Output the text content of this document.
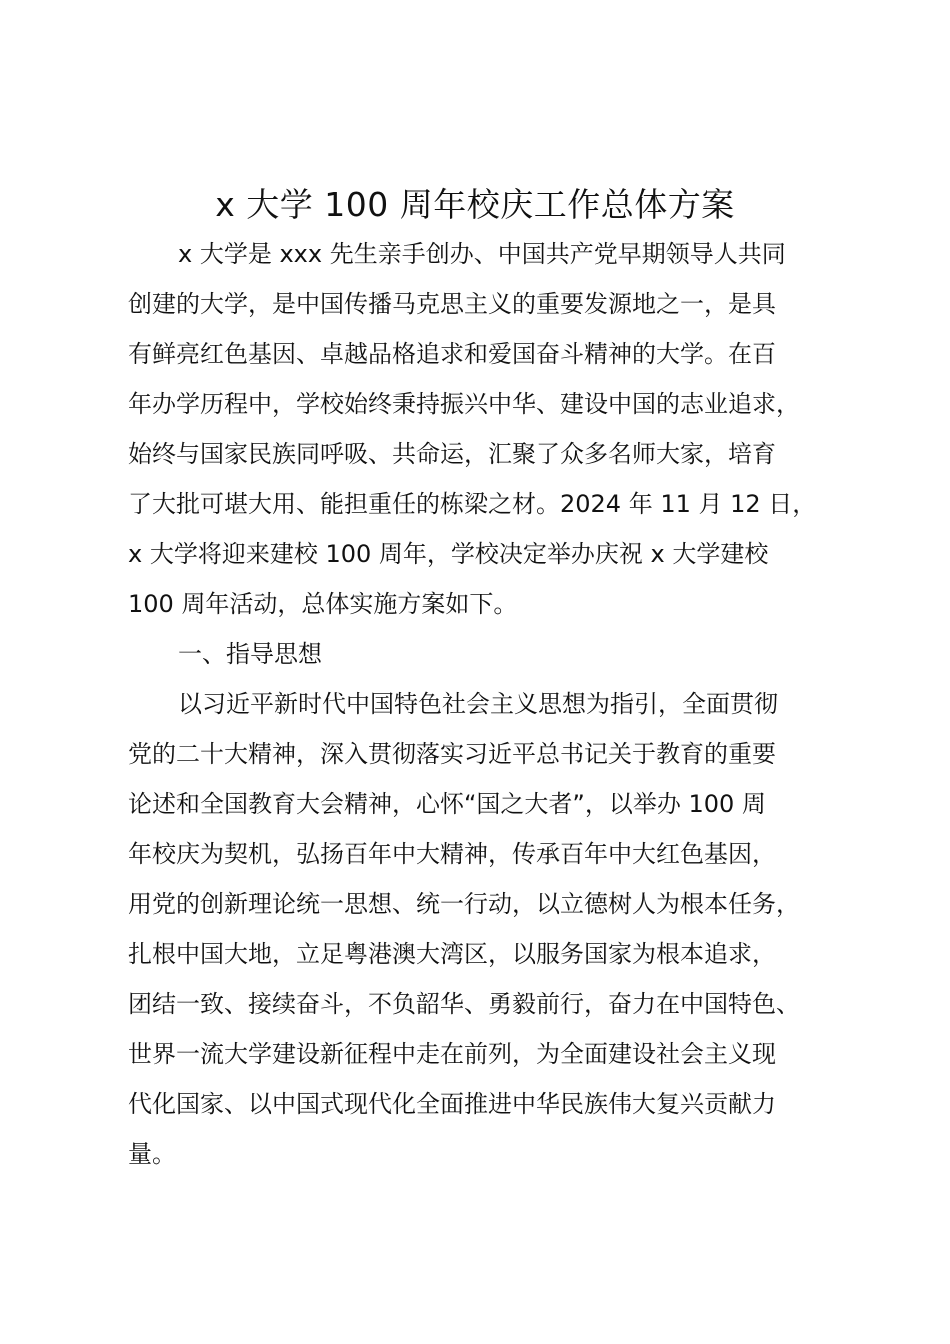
x 大学 100 周年校庆工作总体方案
x 大学是 xxx 先生亲手创办、中国共产党早期领导人共同
创建的大学，是中国传播马克思主义的重要发源地之一，是具
有鲜亮红色基因、卓越品格追求和爱国奋斗精神的大学。在百
年办学历程中，学校始终秉持振兴中华、建设中国的志业追求，
始终与国家民族同呼吸、共命运，汇聚了众多名师大家，培育
了大批可堪大用、能担重任的栋梁之材。2024 年 11 月 12 日，
x 大学将迎来建校 100 周年，学校决定举办庆祝 x 大学建校
100 周年活动，总体实施方案如下。
一、指导思想
以习近平新时代中国特色社会主义思想为指引，全面贯彻
党的二十大精神，深入贯彻落实习近平总书记关于教育的重要
论述和全国教育大会精神，心怀“国之大者”，以举办 100 周
年校庆为契机，弘扬百年中大精神，传承百年中大红色基因，
用党的创新理论统一思想、统一行动，以立德树人为根本任务，
扎根中国大地，立足粤港澳大湾区，以服务国家为根本追求，
团结一致、接续奋斗，不负韶华、勇毅前行，奋力在中国特色、
世界一流大学建设新征程中走在前列，为全面建设社会主义现
代化国家、以中国式现代化全面推进中华民族伟大复兴贡献力
量。
